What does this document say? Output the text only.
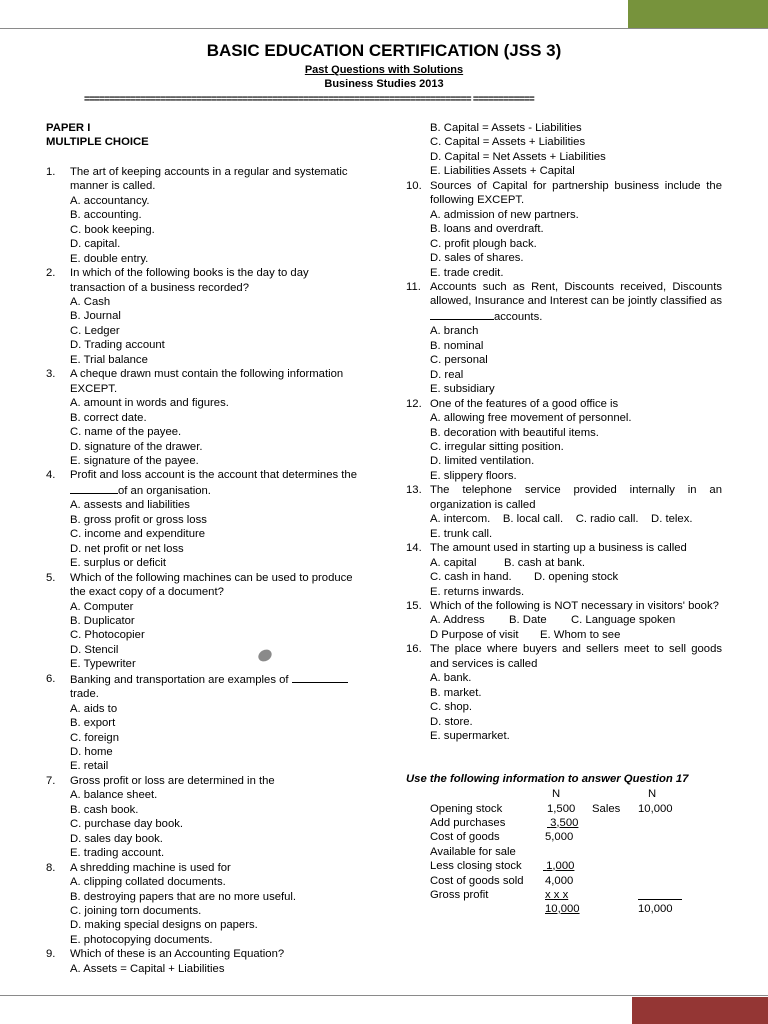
BASIC EDUCATION CERTIFICATION (JSS 3)
Past Questions with Solutions
Business Studies 2013
============================================================================ ============
PAPER I
MULTIPLE CHOICE
1. The art of keeping accounts in a regular and systematic manner is called.
A. accountancy.
B. accounting.
C. book keeping.
D. capital.
E. double entry.
2. In which of the following books is the day to day transaction of a business recorded?
A. Cash
B. Journal
C. Ledger
D. Trading account
E. Trial balance
3. A cheque drawn must contain the following information EXCEPT.
A. amount in words and figures.
B. correct date.
C. name of the payee.
D. signature of the drawer.
E. signature of the payee.
4. Profit and loss account is the account that determines theof an organisation.
A. assests and liabilities
B. gross profit or gross loss
C. income and expenditure
D. net profit or net loss
E. surplus or deficit
5. Which of the following machines can be used to produce the exact copy of a document?
A. Computer
B. Duplicator
C. Photocopier
D. Stencil
E. Typewriter
6. Banking and transportation are examples of
trade.
A. aids to
B. export
C. foreign
D. home
E. retail
7. Gross profit or loss are determined in the
A. balance sheet.
B. cash book.
C. purchase day book.
D. sales day book.
E. trading account.
8. A shredding machine is used for
A. clipping collated documents.
B. destroying papers that are no more useful.
C. joining torn documents.
D. making special designs on papers.
E. photocopying documents.
9. Which of these is an Accounting Equation?
A. Assets = Capital + Liabilities
B. Capital = Assets - Liabilities
C. Capital = Assets + Liabilities
D. Capital = Net Assets + Liabilities
E. Liabilities Assets + Capital
10. Sources of Capital for partnership business include the following EXCEPT.
A. admission of new partners.
B. loans and overdraft.
C. profit plough back.
D. sales of shares.
E. trade credit.
11. Accounts such as Rent, Discounts received, Discounts allowed, Insurance and Interest can be jointly classified asaccounts.
A. branch
B. nominal
C. personal
D. real
E. subsidiary
12. One of the features of a good office is
A. allowing free movement of personnel.
B. decoration with beautiful items.
C. irregular sitting position.
D. limited ventilation.
E. slippery floors.
13. The telephone service provided internally in an organization is called
A. intercom. B. local call. C. radio call. D. telex.
E. trunk call.
14. The amount used in starting up a business is called
A. capital B. cash at bank.
C. cash in hand. D. opening stock
E. returns inwards.
15. Which of the following is NOT necessary in visitors' book?
A. Address B. Date C. Language spoken
D Purpose of visit E. Whom to see
16. The place where buyers and sellers meet to sell goods and services is called
A. bank.
B. market.
C. shop.
D. store.
E. supermarket.
Use the following information to answer Question 17
N	N
Opening stock	1,500 Sales 10,000
Add purchases	3,500
Cost of goods	5,000
Available for sale
Less closing stock 1,000
Cost of goods sold 4,000
Gross profit	x x x
10,000	10,000
